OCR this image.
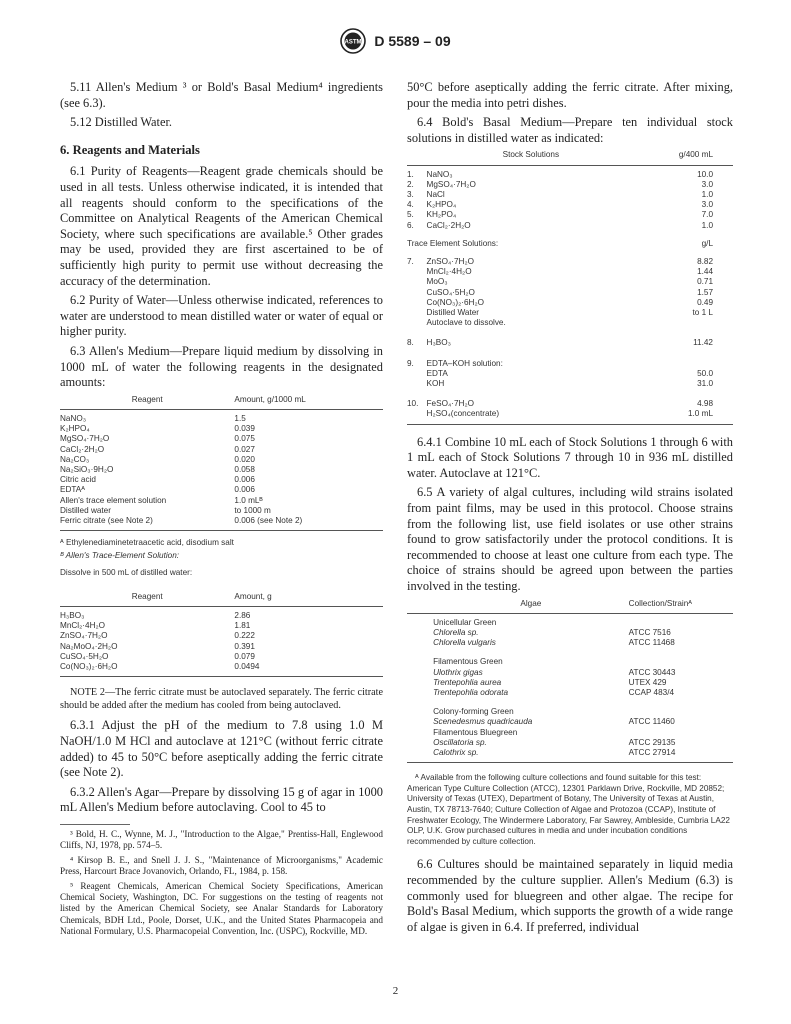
ASTM D 5589 – 09

5.11 Allen's Medium ³ or Bold's Basal Medium⁴ ingredients (see 6.3).

5.12 Distilled Water.

6. Reagents and Materials

6.1 Purity of Reagents—Reagent grade chemicals should be used in all tests. Unless otherwise indicated, it is intended that all reagents should conform to the specifications of the Committee on Analytical Reagents of the American Chemical Society, where such specifications are available.⁵ Other grades may be used, provided they are first ascertained to be of sufficiently high purity to permit use without decreasing the accuracy of the determination.

6.2 Purity of Water—Unless otherwise indicated, references to water are understood to mean distilled water or water of equal or higher purity.

6.3 Allen's Medium—Prepare liquid medium by dissolving in 1000 mL of water the following reagents in the designated amounts:

Reagent	Amount, g/1000 mL

NaNO₃	1.5
K₂HPO₄	0.039
MgSO₄·7H₂O	0.075
CaCl₂·2H₂O	0.027
Na₂CO₃	0.020
Na₂SiO₃·9H₂O	0.058
Citric acid	0.006
EDTAᴬ	0.006
Allen's trace element solution	1.0 mLᴮ
Distilled water	to 1000 m
Ferric citrate (see Note 2)	0.006 (see Note 2)

ᴬ Ethylenediaminetetraacetic acid, disodium salt
ᴮ Allen's Trace-Element Solution:
Dissolve in 500 mL of distilled water:
Reagent	Amount, g

H₃BO₃	2.86
MnCl₂·4H₂O	1.81
ZnSO₄·7H₂O	0.222
Na₂MoO₄·2H₂O	0.391
CuSO₄·5H₂O	0.079
Co(NO₃)₂·6H₂O	0.0494

NOTE 2—The ferric citrate must be autoclaved separately. The ferric citrate should be added after the medium has cooled from being autoclaved.

6.3.1 Adjust the pH of the medium to 7.8 using 1.0 M NaOH/1.0 M HCl and autoclave at 121°C (without ferric citrate added) to 45 to 50°C before aseptically adding the ferric citrate (see Note 2).

6.3.2 Allen's Agar—Prepare by dissolving 15 g of agar in 1000 mL Allen's Medium before autoclaving. Cool to 45 to

³ Bold, H. C., Wynne, M. J., "Introduction to the Algae," Prentiss-Hall, Englewood Cliffs, NJ, 1978, pp. 574–5.
⁴ Kirsop B. E., and Snell J. J. S., "Maintenance of Microorganisms," Academic Press, Harcourt Brace Jovanovich, Orlando, FL, 1984, p. 158.
⁵ Reagent Chemicals, American Chemical Society Specifications, American Chemical Society, Washington, DC. For suggestions on the testing of reagents not listed by the American Chemical Society, see Analar Standards for Laboratory Chemicals, BDH Ltd., Poole, Dorset, U.K., and the United States Pharmacopeia and National Formulary, U.S. Pharmacopeial Convention, Inc. (USPC), Rockville, MD.

50°C before aseptically adding the ferric citrate. After mixing, pour the media into petri dishes.

6.4 Bold's Basal Medium—Prepare ten individual stock solutions in distilled water as indicated:

	Stock Solutions	g/400 mL

1.	NaNO₃	10.0
2.	MgSO₄·7H₂O	3.0
3.	NaCl	1.0
4.	K₂HPO₄	3.0
5.	KH₂PO₄	7.0
6.	CaCl₂·2H₂O	1.0

Trace Element Solutions:		g/L

7.	ZnSO₄·7H₂O	8.82
	MnCl₂·4H₂O	1.44
	MoO₃	0.71
	CuSO₄·5H₂O	1.57
	Co(NO₃)₂·6H₂O	0.49
	Distilled Water	to 1 L
	Autoclave to dissolve.	

8.	H₃BO₃	11.42

9.	EDTA–KOH solution:	
	EDTA	50.0
	KOH	31.0

10.	FeSO₄·7H₂O	4.98
	H₂SO₄(concentrate)	1.0 mL

6.4.1 Combine 10 mL each of Stock Solutions 1 through 6 with 1 mL each of Stock Solutions 7 through 10 in 936 mL distilled water. Autoclave at 121°C.

6.5 A variety of algal cultures, including wild strains isolated from paint films, may be used in this protocol. Choose strains from the following list, use field isolates or use other strains found to grow satisfactorily under the protocol conditions. It is recommended to choose at least one culture from each type. The choice of strains should be agreed upon between the parties involved in the testing.

	Algae	Collection/Strainᴬ

	Unicellular Green	
	Chlorella sp.	ATCC 7516
	Chlorella vulgaris	ATCC 11468

	Filamentous Green	
	Ulothrix gigas	ATCC 30443
	Trentepohlia aurea	UTEX 429
	Trentepohlia odorata	CCAP 483/4

	Colony-forming Green	
	Scenedesmus quadricauda	ATCC 11460
	Filamentous Bluegreen	
	Oscillatoria sp.	ATCC 29135
	Calothrix sp.	ATCC 27914

ᴬ Available from the following culture collections and found suitable for this test: American Type Culture Collection (ATCC), 12301 Parklawn Drive, Rockville, MD 20852; University of Texas (UTEX), Department of Botany, The University of Texas at Austin, Austin, TX 78713-7640; Culture Collection of Algae and Protozoa (CCAP), Institute of Freshwater Ecology, The Windermere Laboratory, Far Sawrey, Ambleside, Cumbria LA22 OLP, U.K. Grow purchased cultures in media and under incubation conditions recommended by culture collection.

6.6 Cultures should be maintained separately in liquid media recommended by the culture supplier. Allen's Medium (6.3) is commonly used for bluegreen and other algae. The recipe for Bold's Basal Medium, which supports the growth of a wide range of algae is given in 6.4. If preferred, individual

2
